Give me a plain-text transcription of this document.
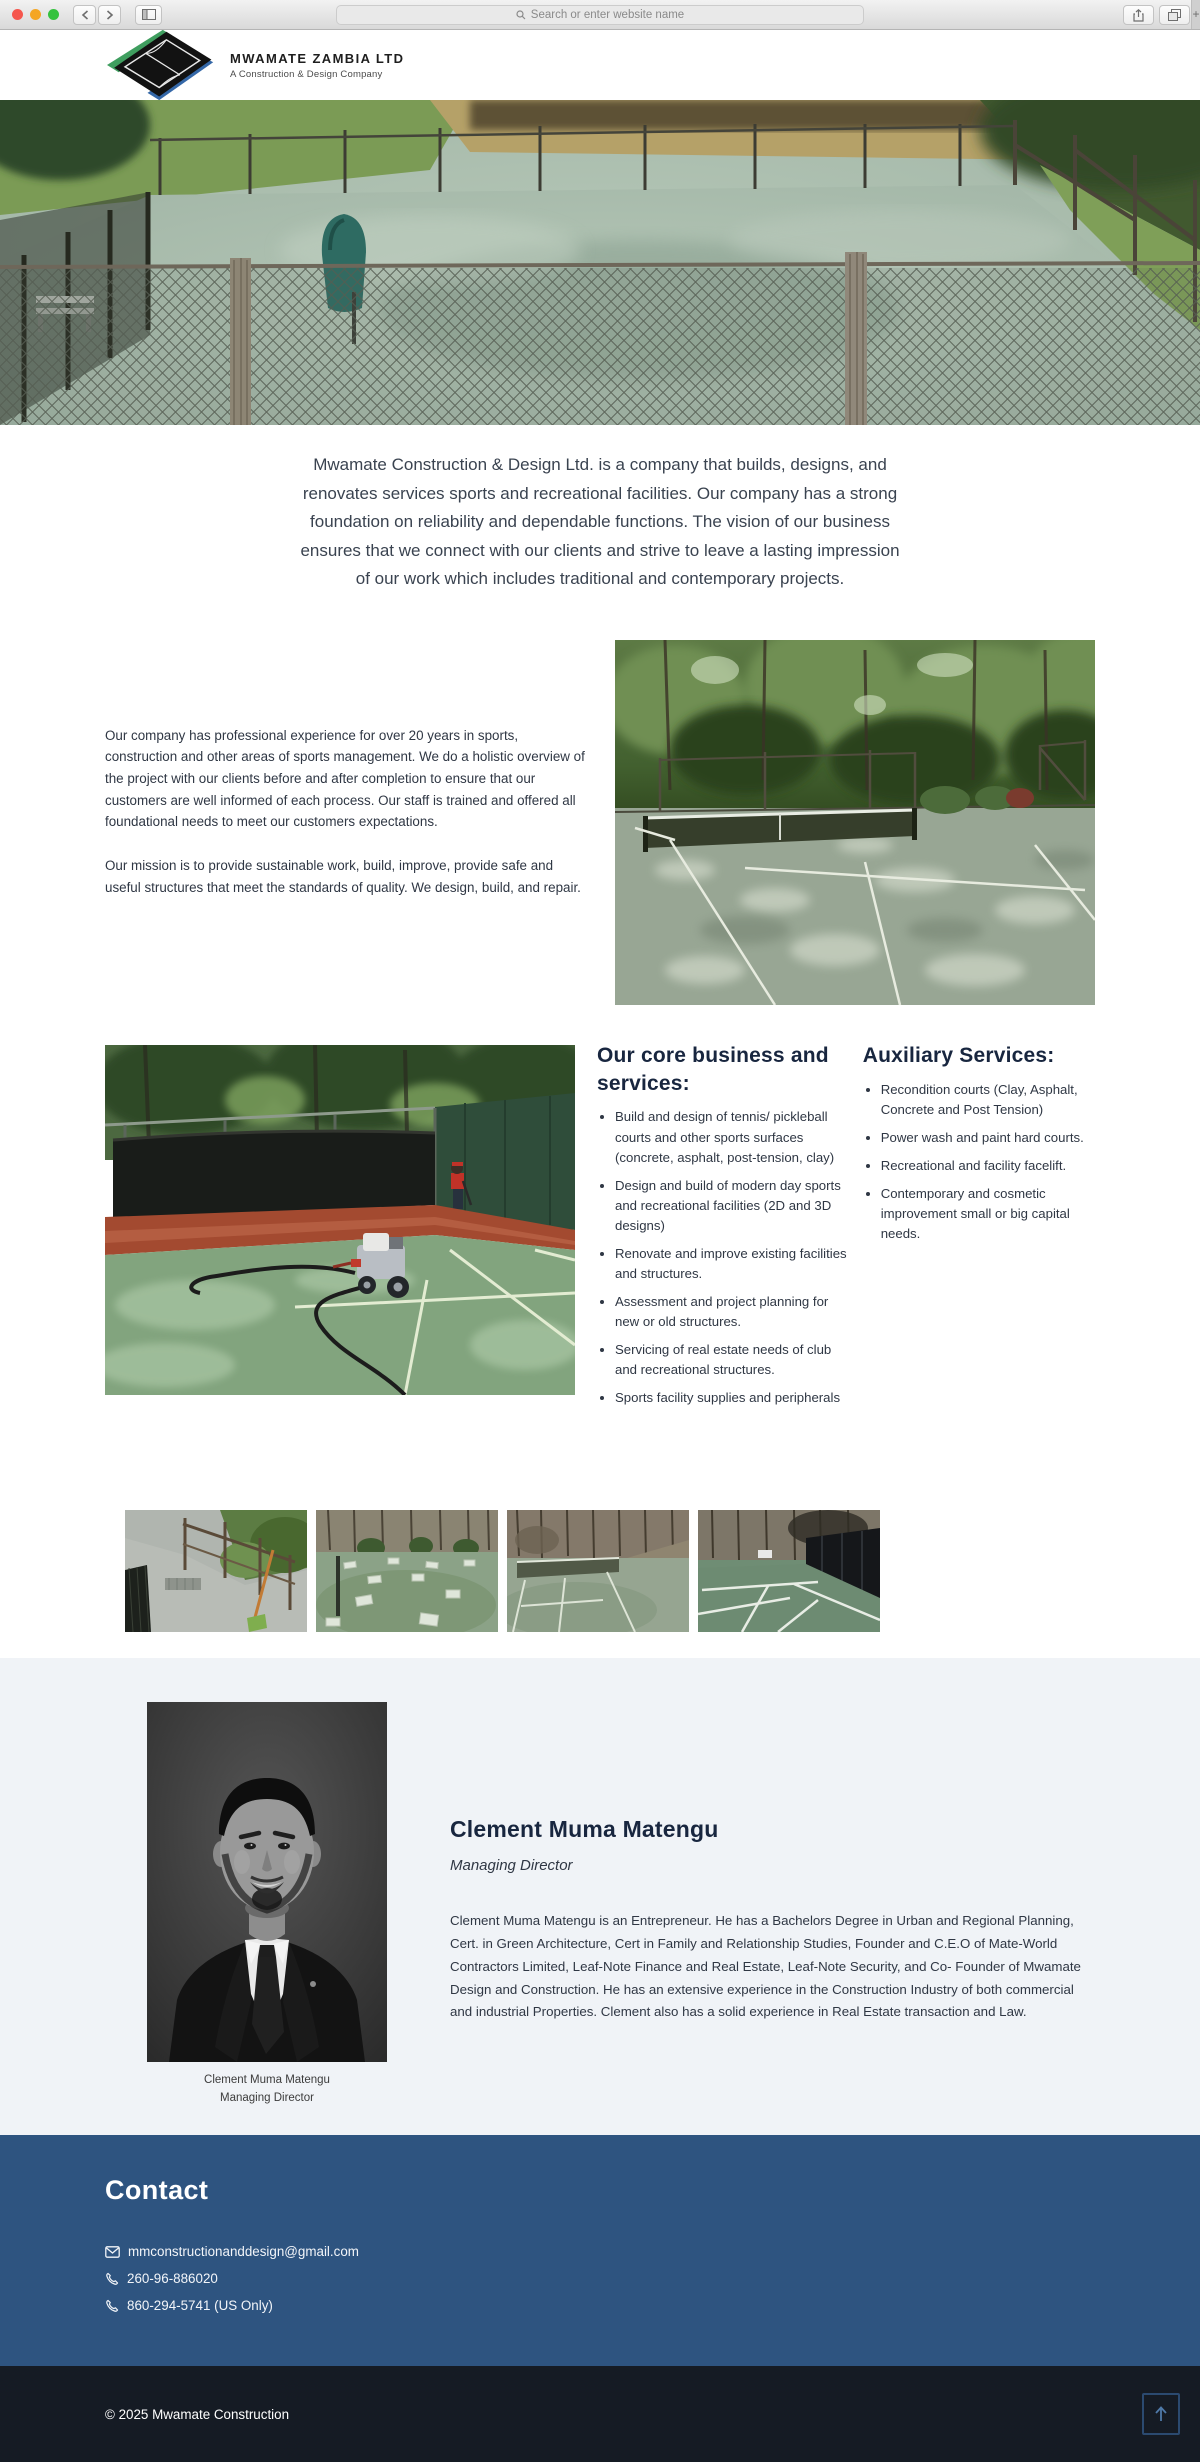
Search or enter website name	+
MWAMATE ZAMBIA LTD
A Construction & Design Company

Mwamate Construction & Design Ltd. is a company that builds, designs, and renovates services sports and recreational facilities. Our company has a strong foundation on reliability and dependable functions. The vision of our business ensures that we connect with our clients and strive to leave a lasting impression of our work which includes traditional and contemporary projects.

Our company has professional experience for over 20 years in sports, construction and other areas of sports management. We do a holistic overview of the project with our clients before and after completion to ensure that our customers are well informed of each process. Our staff is trained and offered all foundational needs to meet our customers expectations.

Our mission is to provide sustainable work, build, improve, provide safe and useful structures that meet the standards of quality. We design, build, and repair.

Our core business and services:
• Build and design of tennis/ pickleball courts and other sports surfaces (concrete, asphalt, post-tension, clay)
• Design and build of modern day sports and recreational facilities (2D and 3D designs)
• Renovate and improve existing facilities and structures.
• Assessment and project planning for new or old structures.
• Servicing of real estate needs of club and recreational structures.
• Sports facility supplies and peripherals
Auxiliary Services:
• Recondition courts (Clay, Asphalt, Concrete and Post Tension)
• Power wash and paint hard courts.
• Recreational and facility facelift.
• Contemporary and cosmetic improvement small or big capital needs.
Clement Muma Matengu
Managing Director
Clement Muma Matengu

Managing Director

Clement Muma Matengu is an Entrepreneur. He has a Bachelors Degree in Urban and Regional Planning, Cert. in Green Architecture, Cert in Family and Relationship Studies, Founder and C.E.O of Mate-World Contractors Limited, Leaf-Note Finance and Real Estate, Leaf-Note Security, and Co- Founder of Mwamate Design and Construction. He has an extensive experience in the Construction Industry of both commercial and industrial Properties. Clement also has a solid experience in Real Estate transaction and Law.

Contact
mmconstructionanddesign@gmail.com
260-96-886020
860-294-5741 (US Only)
© 2025 Mwamate Construction
